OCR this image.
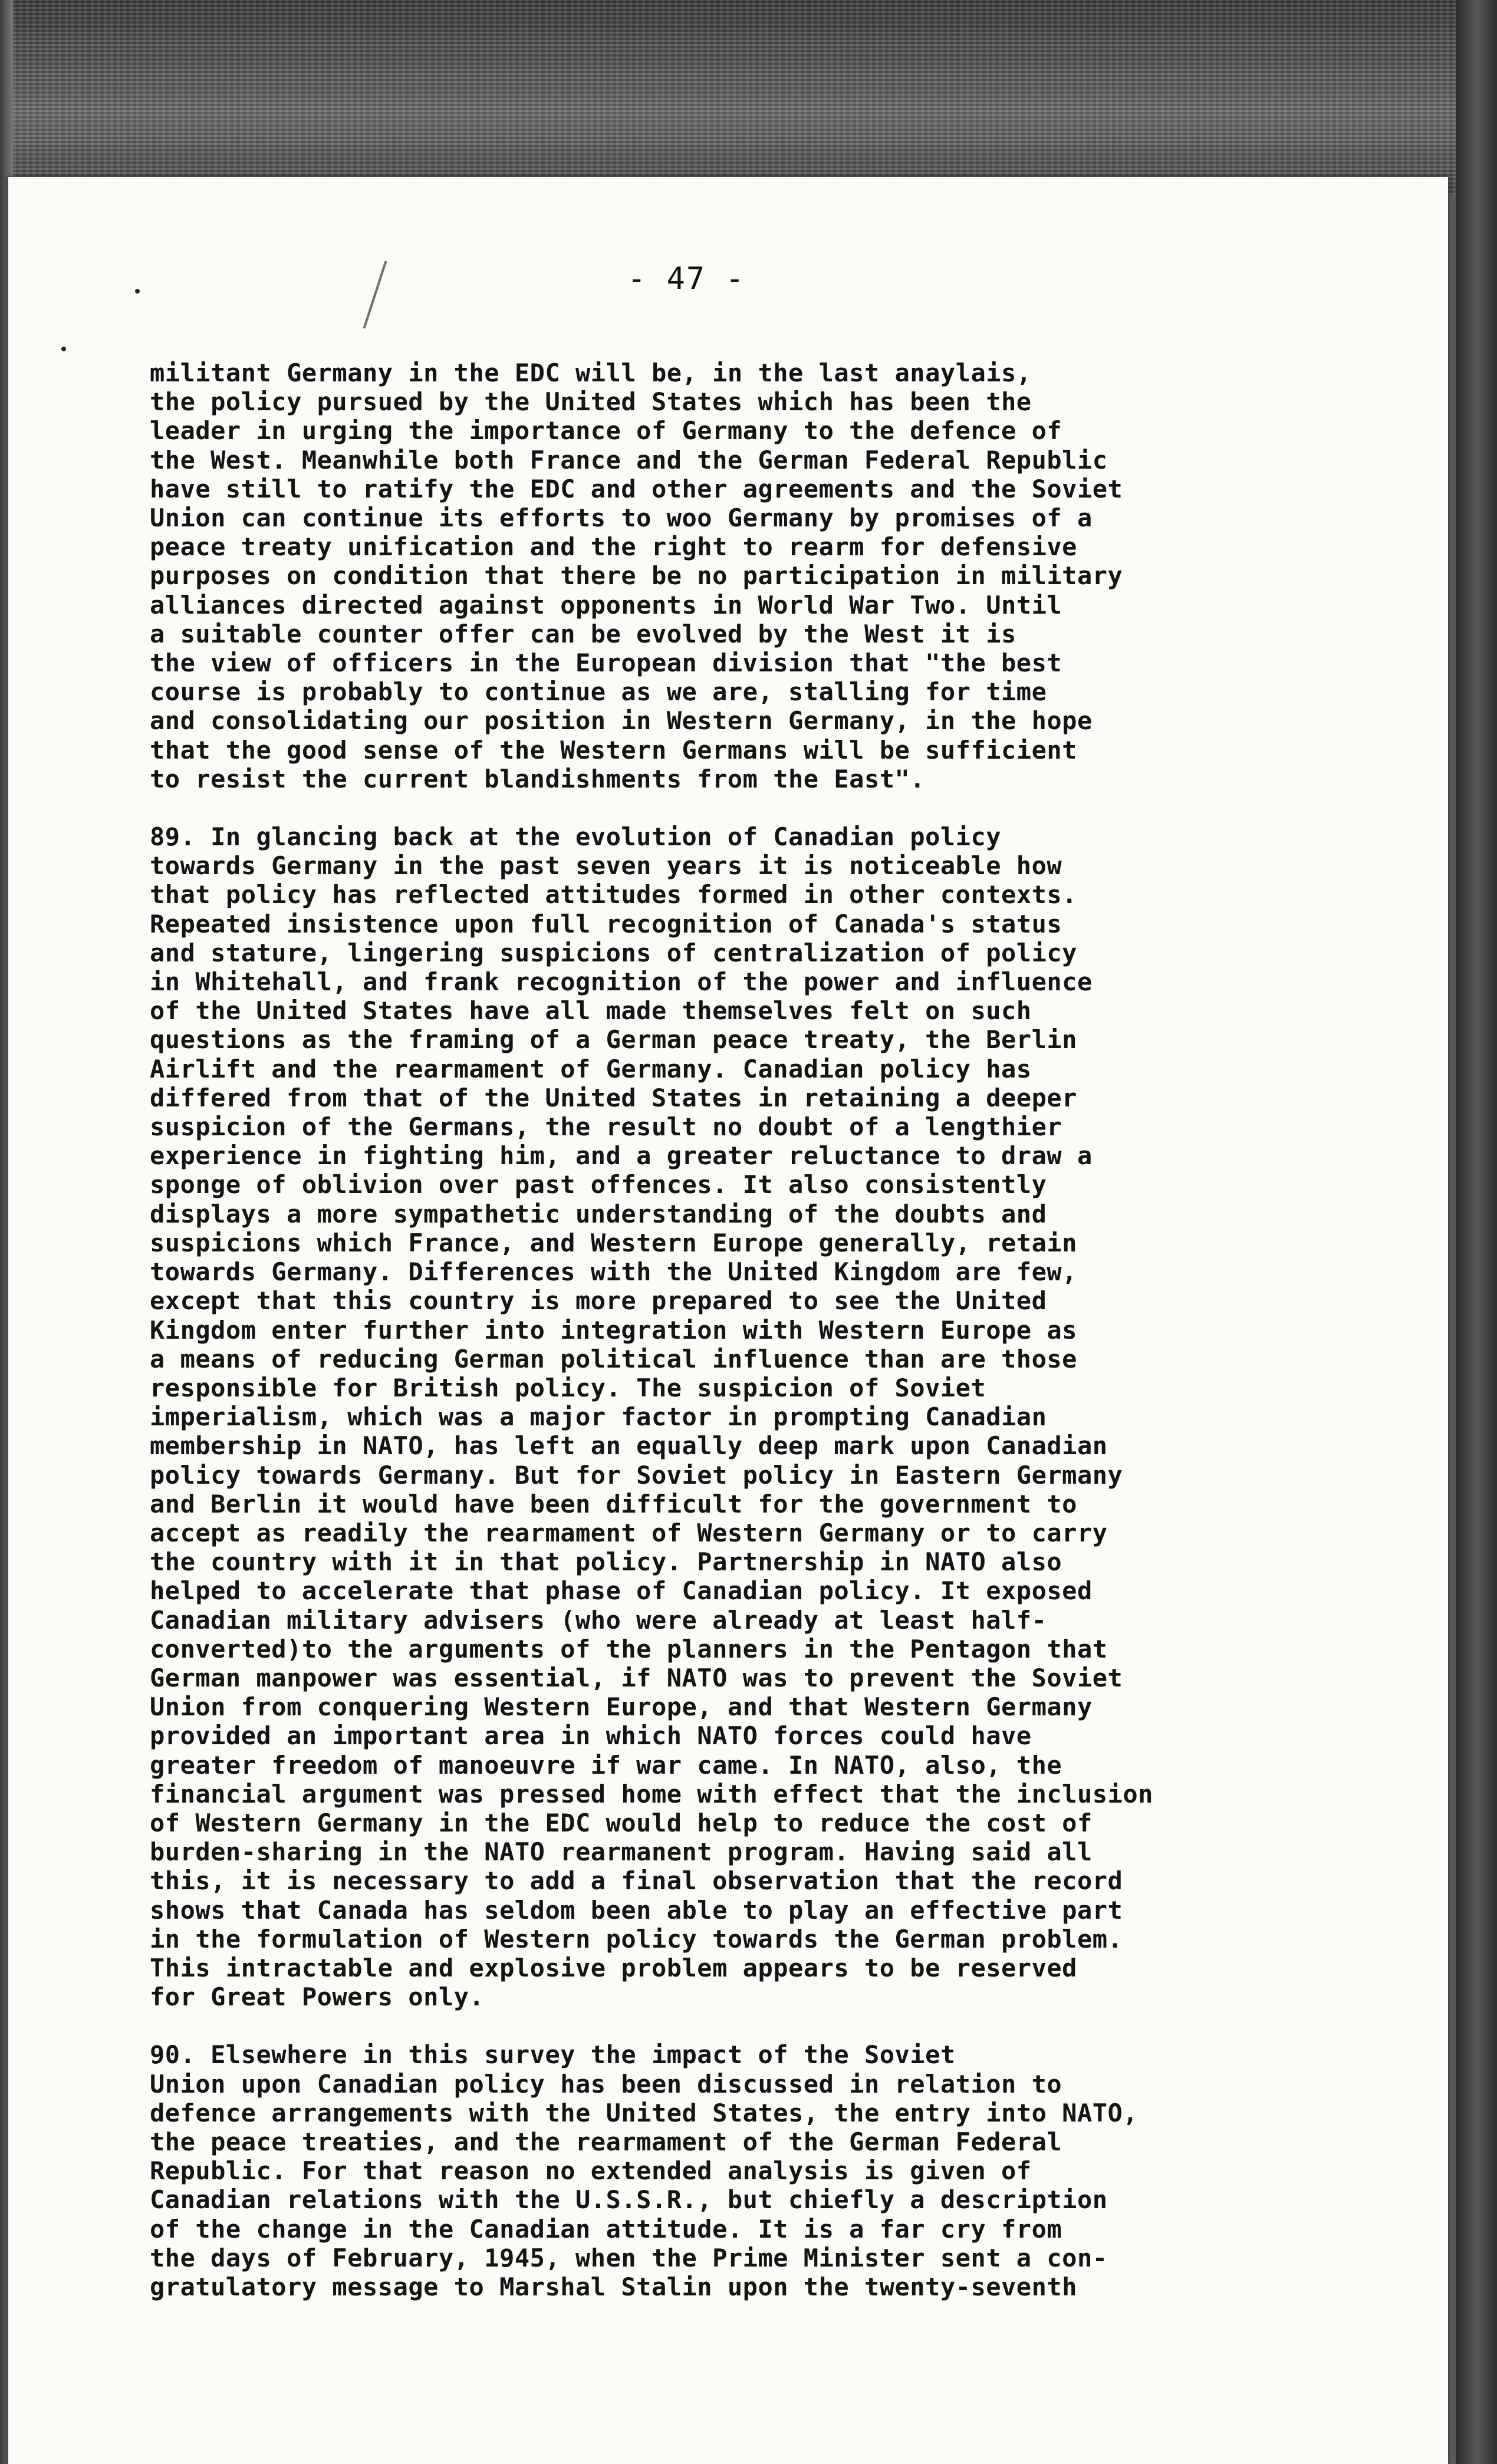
- 47 -

militant Germany in the EDC will be, in the last anaylais,
the policy pursued by the United States which has been the
leader in urging the importance of Germany to the defence of
the West. Meanwhile both France and the German Federal Republic
have still to ratify the EDC and other agreements and the Soviet
Union can continue its efforts to woo Germany by promises of a
peace treaty unification and the right to rearm for defensive
purposes on condition that there be no participation in military
alliances directed against opponents in World War Two. Until
a suitable counter offer can be evolved by the West it is
the view of officers in the European division that "the best
course is probably to continue as we are, stalling for time
and consolidating our position in Western Germany, in the hope
that the good sense of the Western Germans will be sufficient
to resist the current blandishments from the East".

89. In glancing back at the evolution of Canadian policy
towards Germany in the past seven years it is noticeable how
that policy has reflected attitudes formed in other contexts.
Repeated insistence upon full recognition of Canada's status
and stature, lingering suspicions of centralization of policy
in Whitehall, and frank recognition of the power and influence
of the United States have all made themselves felt on such
questions as the framing of a German peace treaty, the Berlin
Airlift and the rearmament of Germany. Canadian policy has
differed from that of the United States in retaining a deeper
suspicion of the Germans, the result no doubt of a lengthier
experience in fighting him, and a greater reluctance to draw a
sponge of oblivion over past offences. It also consistently
displays a more sympathetic understanding of the doubts and
suspicions which France, and Western Europe generally, retain
towards Germany. Differences with the United Kingdom are few,
except that this country is more prepared to see the United
Kingdom enter further into integration with Western Europe as
a means of reducing German political influence than are those
responsible for British policy. The suspicion of Soviet
imperialism, which was a major factor in prompting Canadian
membership in NATO, has left an equally deep mark upon Canadian
policy towards Germany. But for Soviet policy in Eastern Germany
and Berlin it would have been difficult for the government to
accept as readily the rearmament of Western Germany or to carry
the country with it in that policy. Partnership in NATO also
helped to accelerate that phase of Canadian policy. It exposed
Canadian military advisers (who were already at least half-
converted)to the arguments of the planners in the Pentagon that
German manpower was essential, if NATO was to prevent the Soviet
Union from conquering Western Europe, and that Western Germany
provided an important area in which NATO forces could have
greater freedom of manoeuvre if war came. In NATO, also, the
financial argument was pressed home with effect that the inclusion
of Western Germany in the EDC would help to reduce the cost of
burden-sharing in the NATO rearmanent program. Having said all
this, it is necessary to add a final observation that the record
shows that Canada has seldom been able to play an effective part
in the formulation of Western policy towards the German problem.
This intractable and explosive problem appears to be reserved
for Great Powers only.

90. Elsewhere in this survey the impact of the Soviet
Union upon Canadian policy has been discussed in relation to
defence arrangements with the United States, the entry into NATO,
the peace treaties, and the rearmament of the German Federal
Republic. For that reason no extended analysis is given of
Canadian relations with the U.S.S.R., but chiefly a description
of the change in the Canadian attitude. It is a far cry from
the days of February, 1945, when the Prime Minister sent a con-
gratulatory message to Marshal Stalin upon the twenty-seventh
